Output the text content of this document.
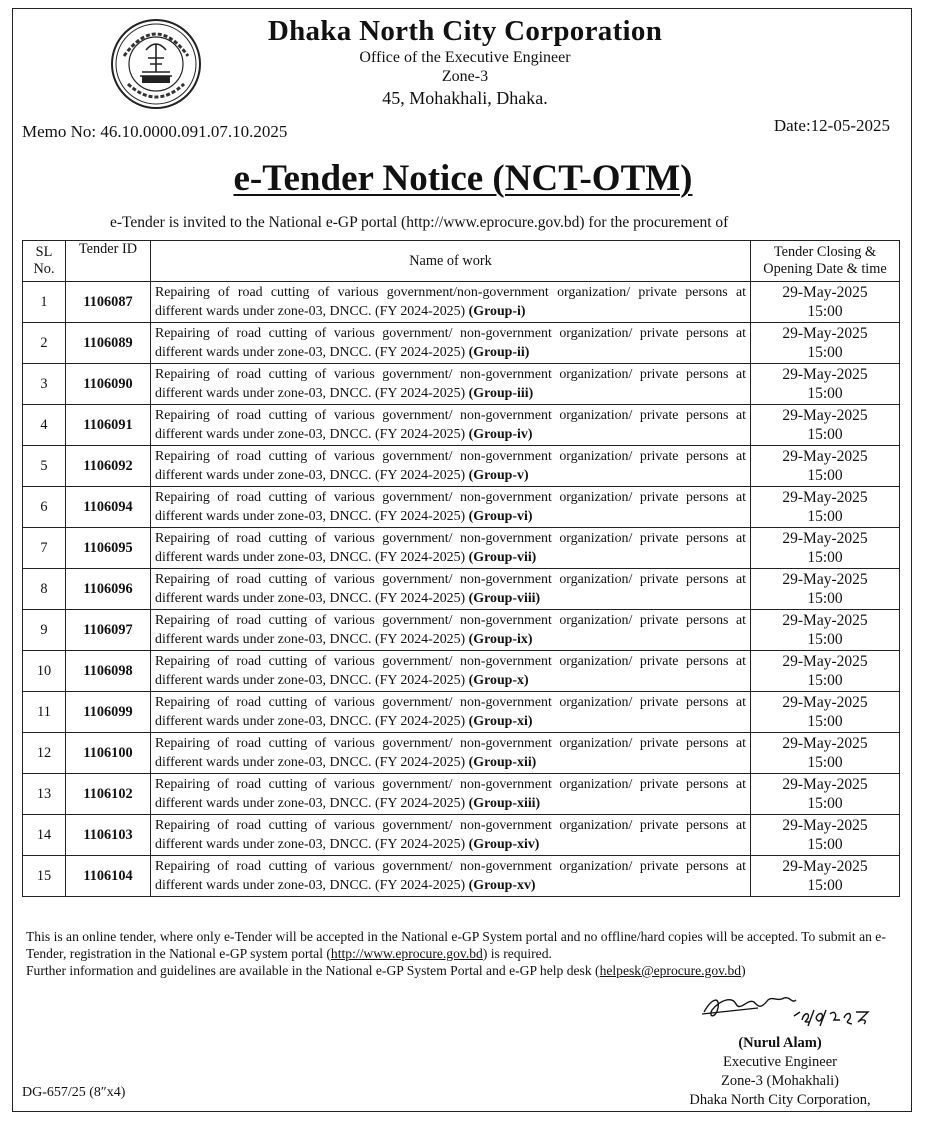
Dhaka North City Corporation
Office of the Executive Engineer
Zone-3
45, Mohakhali, Dhaka.
Memo No: 46.10.0000.091.07.10.2025	Date:12-05-2025
e-Tender Notice (NCT-OTM)
e-Tender is invited to the National e-GP portal (http://www.eprocure.gov.bd) for the procurement of
SL No.	Tender ID	Name of work	Tender Closing & Opening Date & time
1	1106087	Repairing of road cutting of various government/non-government organization/ private persons at different wards under zone-03, DNCC. (FY 2024-2025) (Group-i)	29-May-2025
15:00

2	1106089	Repairing of road cutting of various government/ non-government organization/ private persons at different wards under zone-03, DNCC. (FY 2024-2025) (Group-ii)	29-May-2025
15:00

3	1106090	Repairing of road cutting of various government/ non-government organization/ private persons at different wards under zone-03, DNCC. (FY 2024-2025) (Group-iii)	29-May-2025
15:00

4	1106091	Repairing of road cutting of various government/ non-government organization/ private persons at different wards under zone-03, DNCC. (FY 2024-2025) (Group-iv)	29-May-2025
15:00

5	1106092	Repairing of road cutting of various government/ non-government organization/ private persons at different wards under zone-03, DNCC. (FY 2024-2025) (Group-v)	29-May-2025
15:00

6	1106094	Repairing of road cutting of various government/ non-government organization/ private persons at different wards under zone-03, DNCC. (FY 2024-2025) (Group-vi)	29-May-2025
15:00

7	1106095	Repairing of road cutting of various government/ non-government organization/ private persons at different wards under zone-03, DNCC. (FY 2024-2025) (Group-vii)	29-May-2025
15:00

8	1106096	Repairing of road cutting of various government/ non-government organization/ private persons at different wards under zone-03, DNCC. (FY 2024-2025) (Group-viii)	29-May-2025
15:00

9	1106097	Repairing of road cutting of various government/ non-government organization/ private persons at different wards under zone-03, DNCC. (FY 2024-2025) (Group-ix)	29-May-2025
15:00

10	1106098	Repairing of road cutting of various government/ non-government organization/ private persons at different wards under zone-03, DNCC. (FY 2024-2025) (Group-x)	29-May-2025
15:00

11	1106099	Repairing of road cutting of various government/ non-government organization/ private persons at different wards under zone-03, DNCC. (FY 2024-2025) (Group-xi)	29-May-2025
15:00

12	1106100	Repairing of road cutting of various government/ non-government organization/ private persons at different wards under zone-03, DNCC. (FY 2024-2025) (Group-xii)	29-May-2025
15:00

13	1106102	Repairing of road cutting of various government/ non-government organization/ private persons at different wards under zone-03, DNCC. (FY 2024-2025) (Group-xiii)	29-May-2025
15:00

14	1106103	Repairing of road cutting of various government/ non-government organization/ private persons at different wards under zone-03, DNCC. (FY 2024-2025) (Group-xiv)	29-May-2025
15:00

15	1106104	Repairing of road cutting of various government/ non-government organization/ private persons at different wards under zone-03, DNCC. (FY 2024-2025) (Group-xv)	29-May-2025
15:00
This is an online tender, where only e-Tender will be accepted in the National e-GP System portal and no offline/hard copies will be accepted. To submit an e-Tender, registration in the National e-GP system portal (http://www.eprocure.gov.bd) is required.
Further information and guidelines are available in the National e-GP System Portal and e-GP help desk (helpesk@eprocure.gov.bd)
(Nurul Alam)
Executive Engineer
Zone-3 (Mohakhali)
Dhaka North City Corporation,
DG-657/25 (8″x4)
